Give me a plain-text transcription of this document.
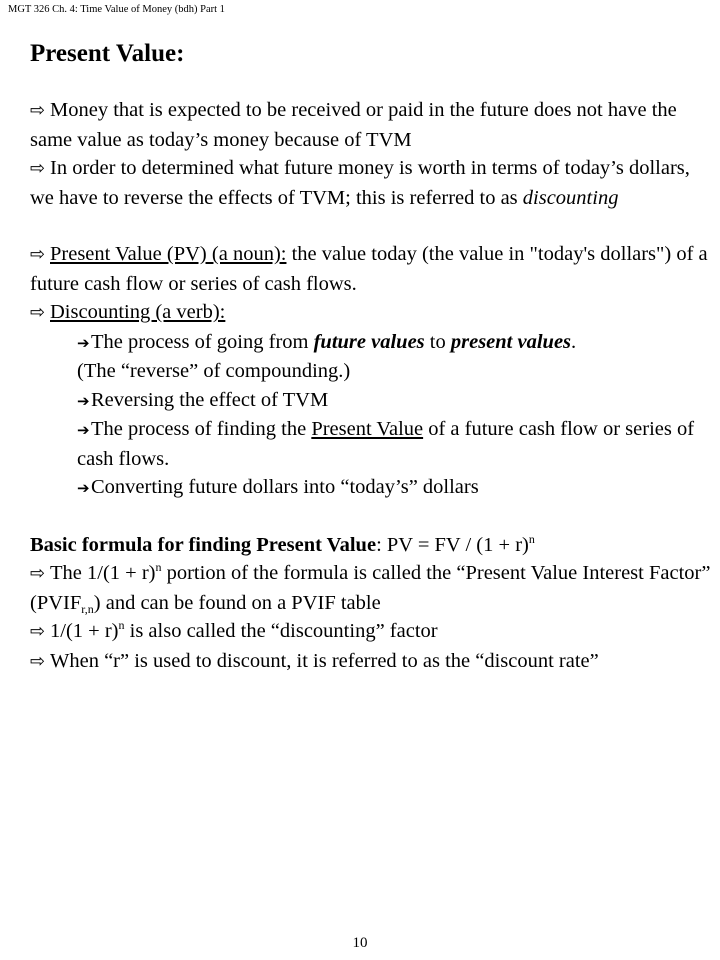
MGT 326 Ch. 4: Time Value of Money (bdh) Part 1
Present Value:
⇨ Money that is expected to be received or paid in the future does not have the same value as today’s money because of TVM
⇨ In order to determined what future money is worth in terms of today’s dollars, we have to reverse the effects of TVM; this is referred to as discounting
⇨ Present Value (PV) (a noun): the value today (the value in "today's dollars") of a future cash flow or series of cash flows.
⇨ Discounting (a verb):
➔The process of going from future values to present values.
(The “reverse” of compounding.)
➔Reversing the effect of TVM
➔The process of finding the Present Value of a future cash flow or series of cash flows.
➔Converting future dollars into “today’s” dollars
Basic formula for finding Present Value: PV = FV / $(1 + r)^n$
⇨ The $1/(1 + r)^n$ portion of the formula is called the “Present Value Interest Factor” $(PVIF_{r,n})$ and can be found on a PVIF table
⇨ $1/(1 + r)^n$ is also called the “discounting” factor
⇨ When “r” is used to discount, it is referred to as the “discount rate”
10
